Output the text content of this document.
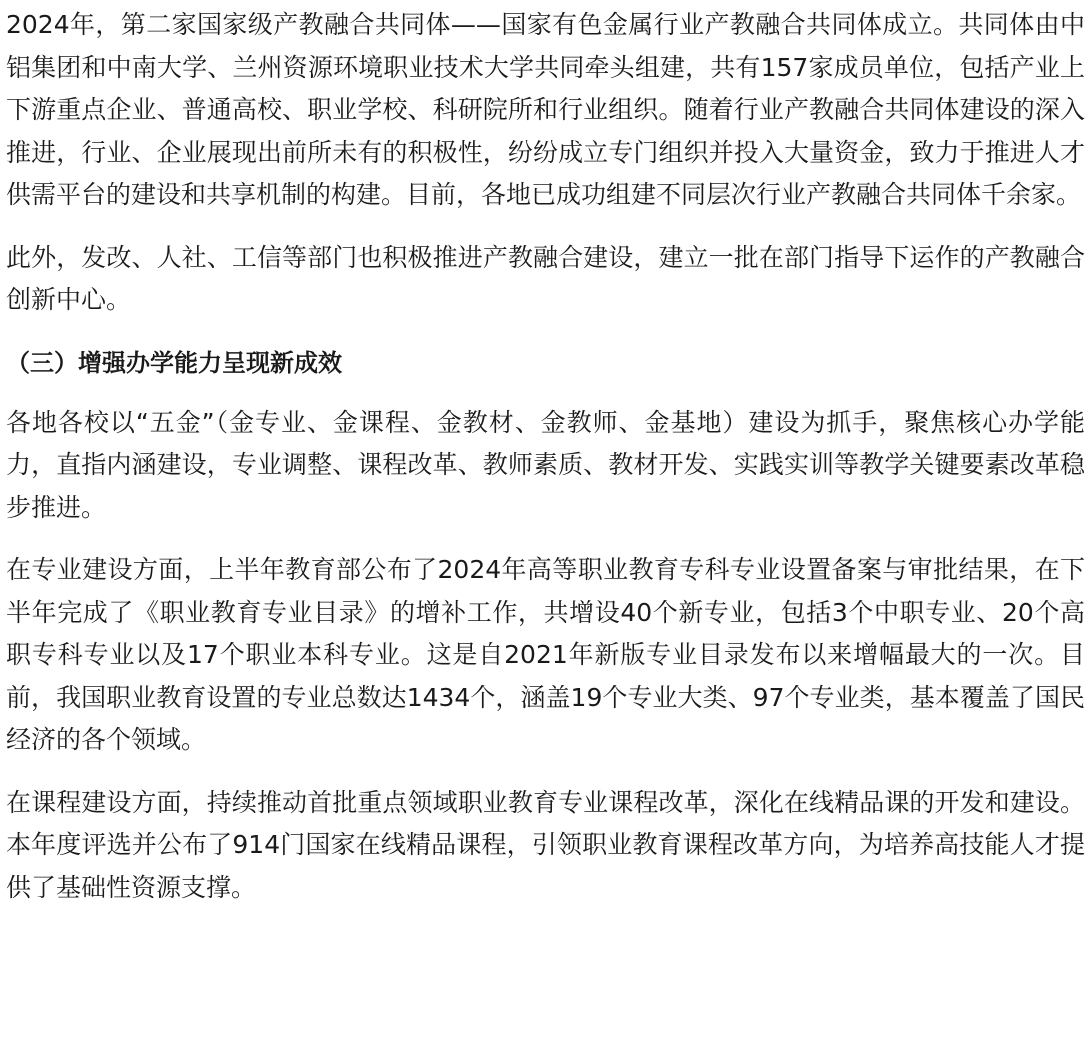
2024年，第二家国家级产教融合共同体——国家有色金属行业产教融合共同体成立。共同体由中铝集团和中南大学、兰州资源环境职业技术大学共同牵头组建，共有157家成员单位，包括产业上下游重点企业、普通高校、职业学校、科研院所和行业组织。随着行业产教融合共同体建设的深入推进，行业、企业展现出前所未有的积极性，纷纷成立专门组织并投入大量资金，致力于推进人才供需平台的建设和共享机制的构建。目前，各地已成功组建不同层次行业产教融合共同体千余家。

此外，发改、人社、工信等部门也积极推进产教融合建设，建立一批在部门指导下运作的产教融合创新中心。

（三）增强办学能力呈现新成效

各地各校以“五金”（金专业、金课程、金教材、金教师、金基地）建设为抓手，聚焦核心办学能力，直指内涵建设，专业调整、课程改革、教师素质、教材开发、实践实训等教学关键要素改革稳步推进。

在专业建设方面，上半年教育部公布了2024年高等职业教育专科专业设置备案与审批结果，在下半年完成了《职业教育专业目录》的增补工作，共增设40个新专业，包括3个中职专业、20个高职专科专业以及17个职业本科专业。这是自2021年新版专业目录发布以来增幅最大的一次。目前，我国职业教育设置的专业总数达1434个，涵盖19个专业大类、97个专业类，基本覆盖了国民经济的各个领域。

在课程建设方面，持续推动首批重点领域职业教育专业课程改革，深化在线精品课的开发和建设。本年度评选并公布了914门国家在线精品课程，引领职业教育课程改革方向，为培养高技能人才提供了基础性资源支撑。
